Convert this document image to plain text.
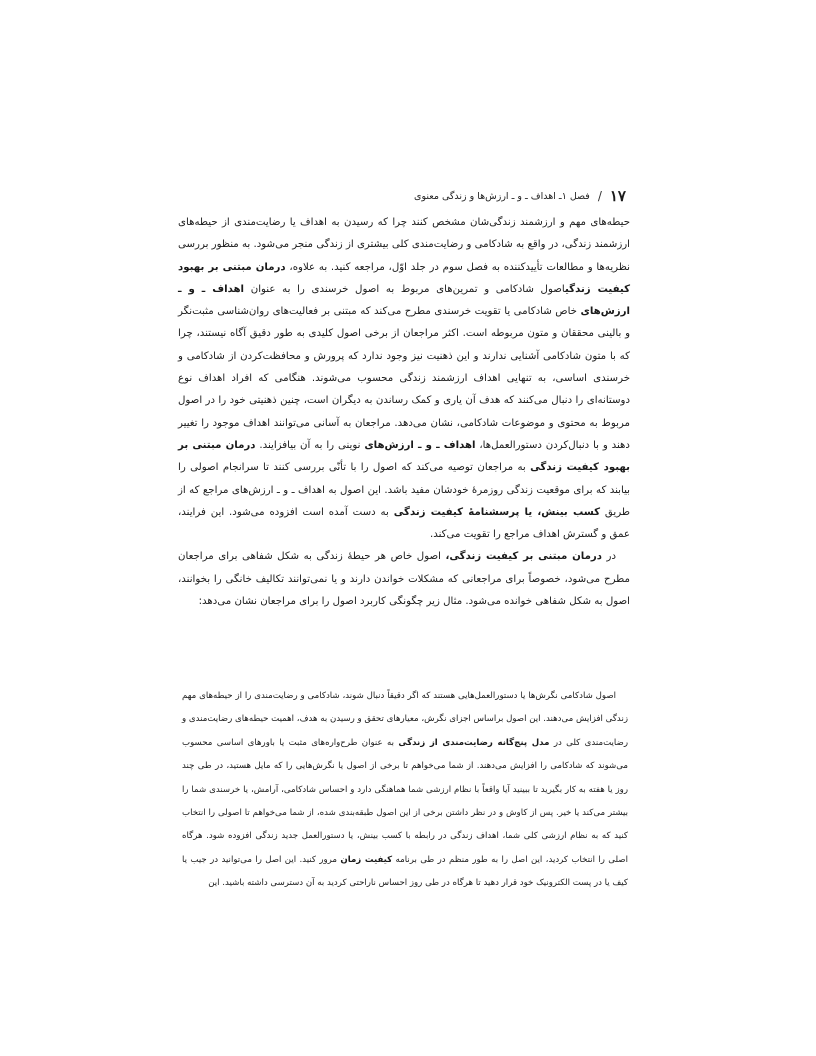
۱۷
/
فصل ۱ـ اهداف ـ و ـ ارزش‌ها و زندگی معنوی

حیطه‌های مهم و ارزشمند زندگی‌شان مشخص کنند چرا که رسیدن به اهداف یا رضایت‌مندی از حیطه‌های ارزشمند زندگی، در واقع به شادکامی و رضایت‌مندی کلی بیشتری از زندگی منجر می‌شود. به منظور بررسی نظریه‌ها و مطالعات تأییدکننده به فصل سوم در جلد اوّل، مراجعه کنید. به علاوه، درمان مبتنی بر بهبود کیفیت زندگیاصول شادکامی و تمرین‌های مربوط به اصول خرسندی را به عنوان اهداف ـ و ـ ارزش‌های خاص شادکامی یا تقویت خرسندی مطرح می‌کند که مبتنی بر فعالیت‌های روان‌شناسی مثبت‌نگر و بالینی محققان و متون مربوطه است. اکثر مراجعان از برخی اصول کلیدی به طور دقیق آگاه نیستند، چرا که با متون شادکامی آشنایی ندارند و این ذهنیت نیز وجود ندارد که پرورش و محافظت‌کردن از شادکامی و خرسندی اساسی، به تنهایی اهداف ارزشمند زندگی محسوب می‌شوند. هنگامی که افراد اهداف نوع دوستانه‌ای را دنبال می‌کنند که هدف آن یاری و کمک رساندن به دیگران است، چنین ذهنیتی خود را در اصول مربوط به محتوی و موضوعات شادکامی، نشان می‌دهد. مراجعان به آسانی می‌توانند اهداف موجود را تغییر دهند و با دنبال‌کردن دستورالعمل‌ها، اهداف ـ و ـ ارزش‌های نوینی را به آن بیافزایند. درمان مبتنی بر بهبود کیفیت زندگی به مراجعان توصیه می‌کند که اصول را با تأنّی بررسی کنند تا سرانجام اصولی را بیابند که برای موقعیت زندگی روزمرهٔ خودشان مفید باشد. این اصول به اهداف ـ و ـ ارزش‌های مراجع که از طریق کسب بینش، یا پرسشنامهٔ کیفیت زندگی به دست آمده است افزوده می‌شود. این فرایند، عمق و گسترش اهداف مراجع را تقویت می‌کند.

در درمان مبتنی بر کیفیت زندگی، اصول خاص هر حیطهٔ زندگی به شکل شفاهی برای مراجعان مطرح می‌شود، خصوصاً برای مراجعانی که مشکلات خواندن دارند و یا نمی‌توانند تکالیف خانگی را بخوانند، اصول به شکل شفاهی خوانده می‌شود. مثال زیر چگونگی کاربرد اصول را برای مراجعان نشان می‌دهد:

اصول شادکامی نگرش‌ها یا دستورالعمل‌هایی هستند که اگر دقیقاً دنبال شوند، شادکامی و رضایت‌مندی را از حیطه‌های مهم زندگی افزایش می‌دهند. این اصول براساس اجزای نگرش، معیارهای تحقق و رسیدن به هدف، اهمیت حیطه‌های رضایت‌مندی و رضایت‌مندی کلی در مدل پنج‌گانه رضایت‌مندی از زندگی به عنوان طرح‌واره‌های مثبت یا باورهای اساسی محسوب می‌شوند که شادکامی را افزایش می‌دهند. از شما می‌خواهم تا برخی از اصول یا نگرش‌هایی را که مایل هستید، در طی چند روز یا هفته به کار بگیرید تا ببینید آیا واقعاً با نظام ارزشی شما هماهنگی دارد و احساس شادکامی، آرامش، یا خرسندی شما را بیشتر می‌کند یا خیر. پس از کاوش و در نظر داشتن برخی از این اصول طبقه‌بندی شده، از شما می‌خواهم تا اصولی را انتخاب کنید که به نظام ارزشی کلی شما، اهداف زندگی در رابطه با کسب بینش، یا دستورالعمل جدید زندگی افزوده شود. هرگاه اصلی را انتخاب کردید، این اصل را به طور منظم در طی برنامه کیفیت زمان مرور کنید. این اصل را می‌توانید در جیب یا کیف یا در پست الکترونیک خود قرار دهید تا هرگاه در طی روز احساس ناراحتی کردید به آن دسترسی داشته باشید. این
